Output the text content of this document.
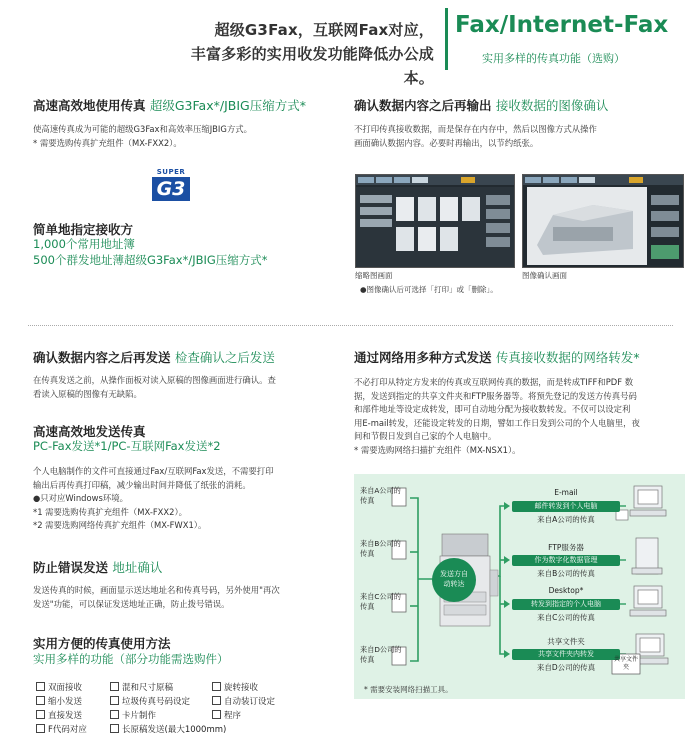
超级G3Fax，互联网Fax对应，
丰富多彩的实用收发功能降低办公成本。
Fax/Internet-Fax
实用多样的传真功能（选购）
高速高效地使用传真 超级G3Fax*/JBIG压缩方式*
使高速传真成为可能的超级G3Fax和高效率压缩JBIG方式。
* 需要选购传真扩充组件（MX-FXX2）。
SUPER
G3
简单地指定接收方
1,000个常用地址簿
500个群发地址薄超级G3Fax*/JBIG压缩方式*
确认数据内容之后再输出 接收数据的图像确认
不打印传真接收数据，而是保存在内存中，然后以图像方式从操作
画面确认数据内容。必要时再输出，以节约纸张。
缩略图画面	图像确认画面
●图像确认后可选择「打印」或「删除」。
确认数据内容之后再发送 检查确认之后发送
在传真发送之前，从操作面板对读入原稿的图像画面进行确认。查
看读入原稿的图像有无缺陷。
高速高效地发送传真
PC-Fax发送*1/PC-互联网Fax发送*2
个人电脑制作的文件可直接通过Fax/互联网Fax发送，不需要打印
输出后再传真打印稿，减少输出时间并降低了纸张的消耗。
●只对应Windows环境。
*1 需要选购传真扩充组件（MX-FXX2）。
*2 需要选购网络传真扩充组件（MX-FWX1）。
防止错误发送 地址确认
发送传真的时候，画面显示送达地址名和传真号码，另外使用"再次
发送"功能，可以保证发送地址正确，防止拨号错误。
实用方便的传真使用方法
实用多样的功能（部分功能需选购件）
双面接收	混和尺寸原稿	旋转接收
缩小发送	垃圾传真号码设定	自动装订设定
直接发送	卡片制作	程序
F代码对应	长原稿发送(最大1000mm)
通过网络用多种方式发送 传真接收数据的网络转发*
不必打印从特定方发来的传真或互联网传真的数据，而是转成TIFF和PDF 数
据，发送到指定的共享文件夹和FTP服务器等。将预先登记的发送方传真号码
和部件地址等设定成转发，即可自动地分配为接收数转发。不仅可以设定利
用E-mail转发，还能设定转发的日期，譬如工作日发到公司的个人电脑里，夜
间和节假日发到自己家的个人电脑中。
* 需要选购网络扫描扩充组件（MX-NSX1）。
来自A公司的传真
来自B公司的传真
来自C公司的传真
来自D公司的传真
发送方自动转达
E-mail
邮件转发到个人电脑
来自A公司的传真
FTP服务器
作为数字化数据管理
来自B公司的传真
Desktop*
转发到指定的个人电脑
来自C公司的传真
共享文件夹
共享文件夹内转发
来自D公司的传真
共享文件夹
* 需要安装网络扫描工具。
